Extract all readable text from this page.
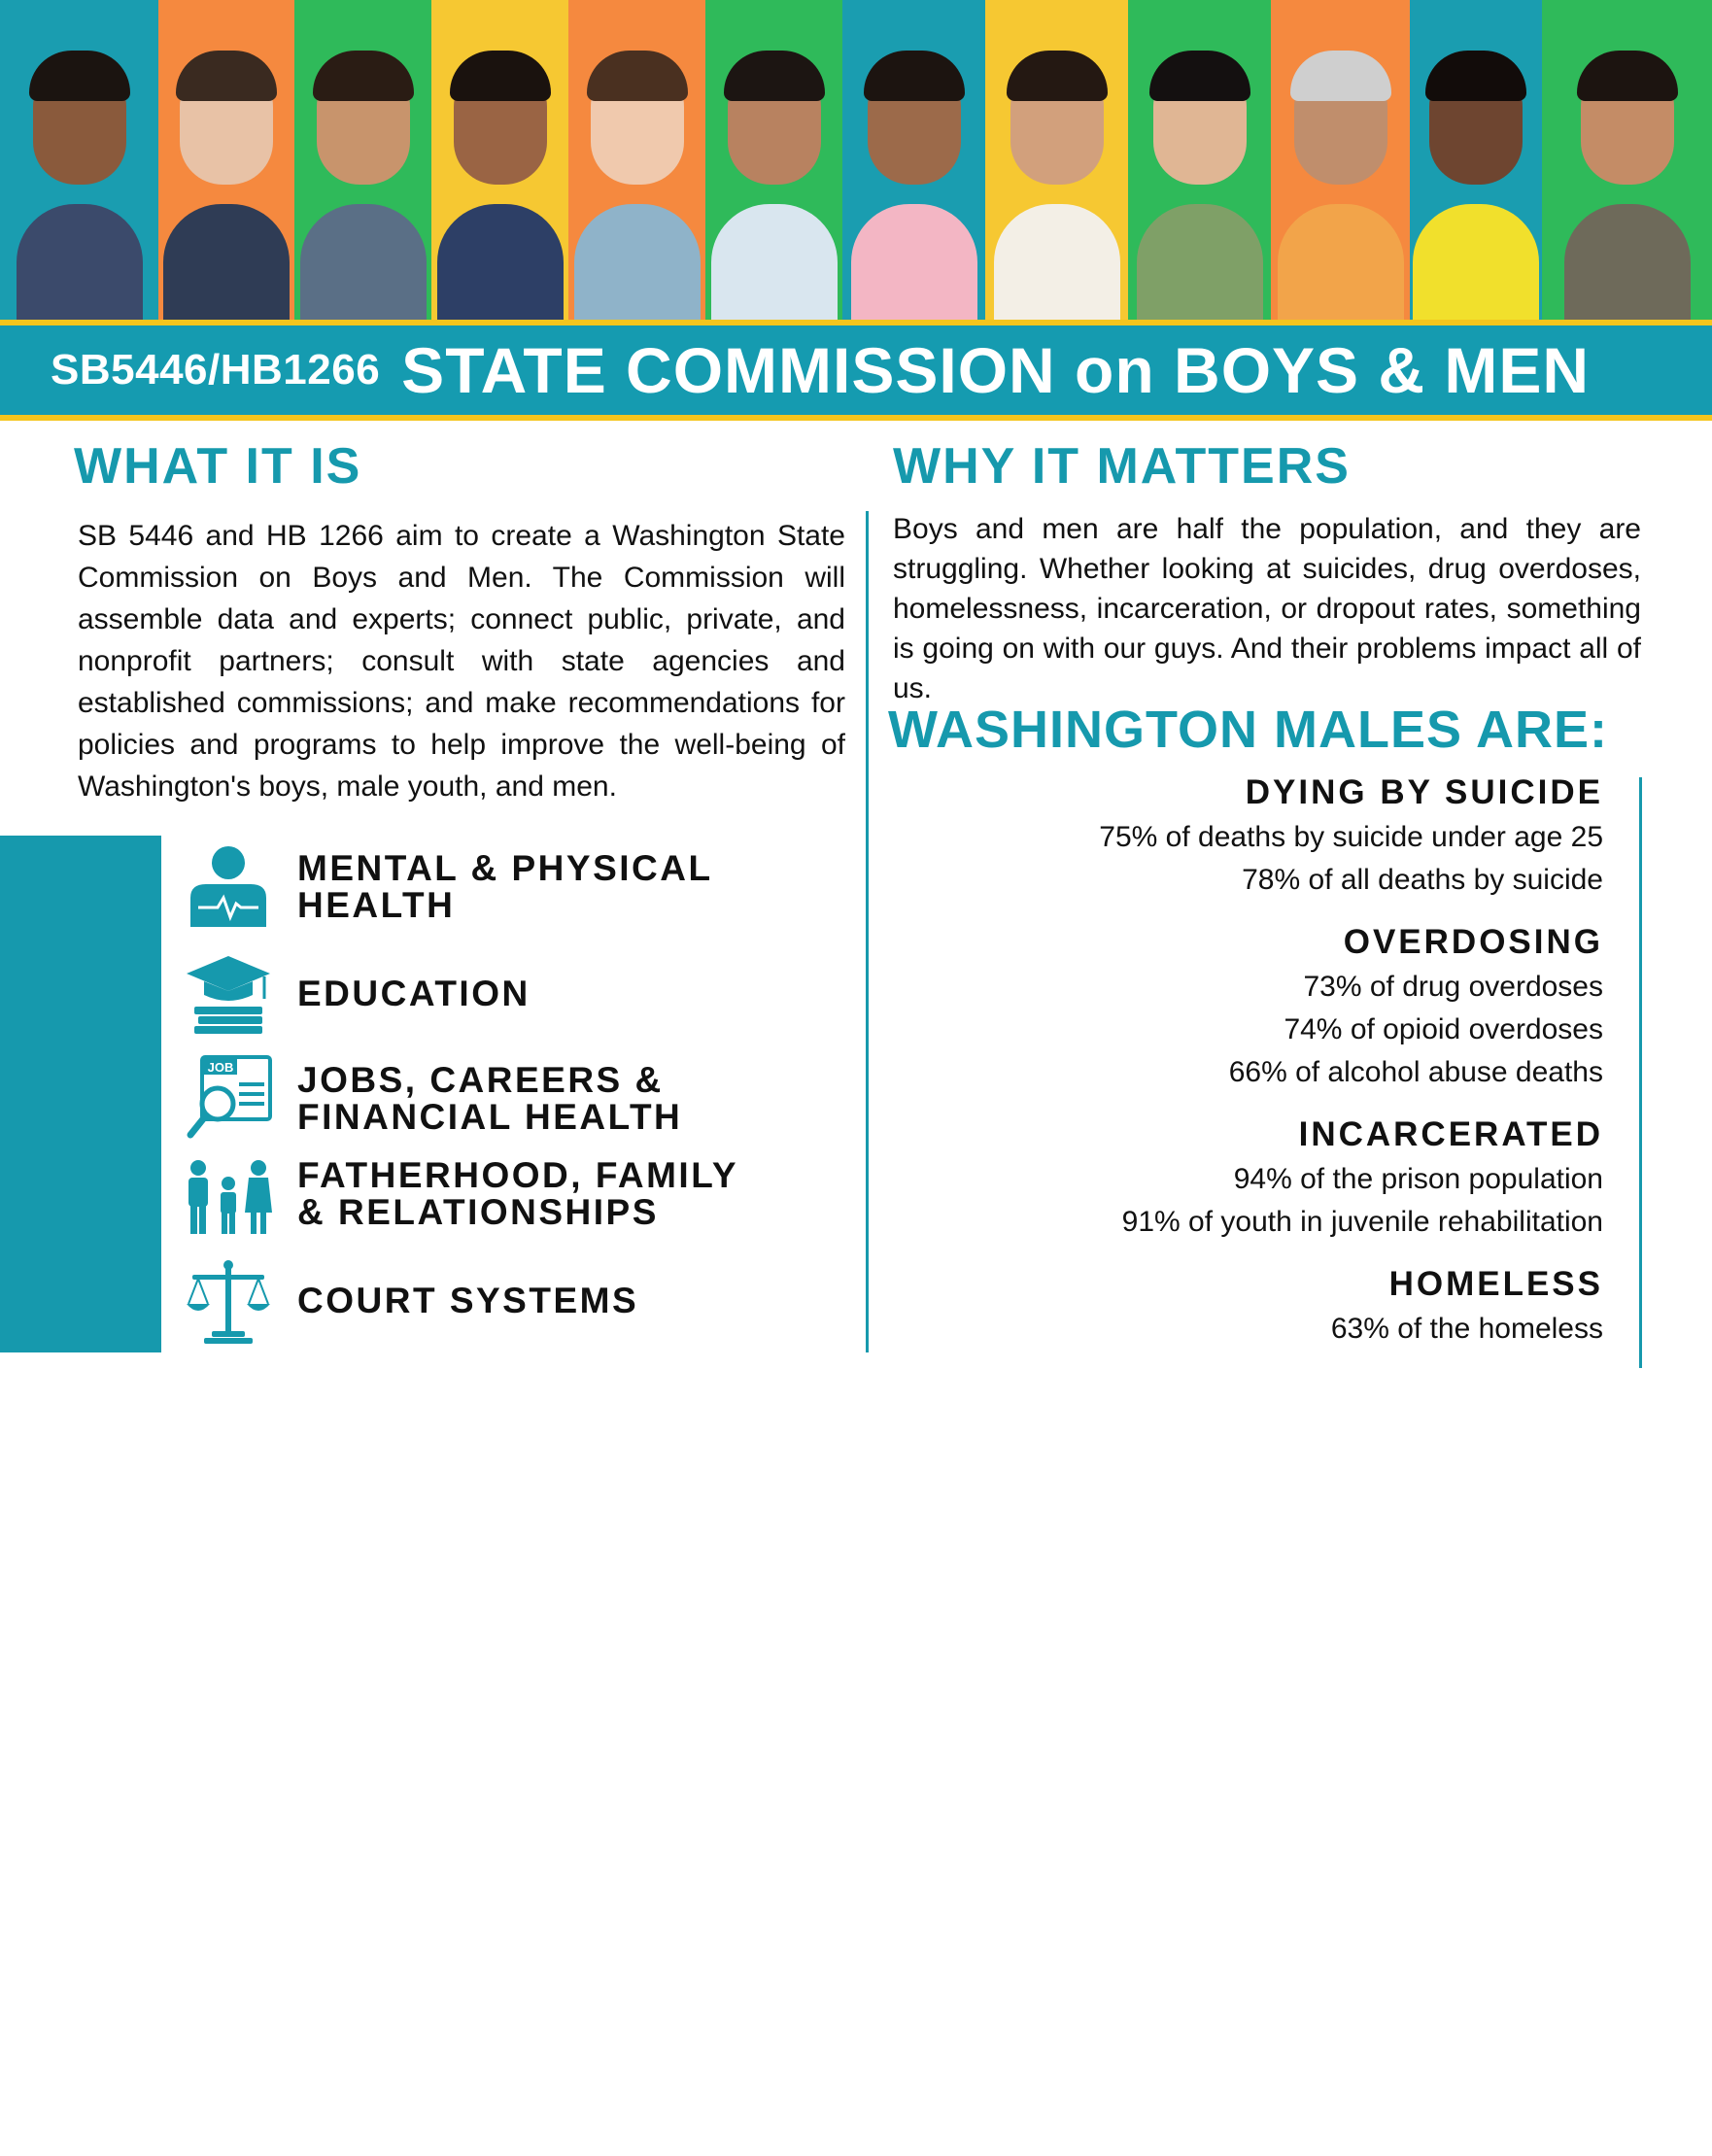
SB5446/HB1266 STATE COMMISSION on BOYS & MEN
WHAT IT IS

SB 5446 and HB 1266 aim to create a Washington State Commission on Boys and Men. The Commission will assemble data and experts; connect public, private, and nonprofit partners; consult with state agencies and established commissions; and make recommendations for policies and programs to help improve the well-being of Washington's boys, male youth, and men.

WHY IT MATTERS

Boys and men are half the population, and they are struggling. Whether looking at suicides, drug overdoses, homelessness, incarceration, or dropout rates, something is going on with our guys. And their problems impact all of us.

WASHINGTON MALES ARE:
5 FOCUS AREAS
MENTAL & PHYSICAL
HEALTH
EDUCATION
JOB JOBS, CAREERS &
FINANCIAL HEALTH
FATHERHOOD, FAMILY
& RELATIONSHIPS
COURT SYSTEMS
DYING BY SUICIDE
75% of deaths by suicide under age 25
78% of all deaths by suicide
OVERDOSING
73% of drug overdoses
74% of opioid overdoses
66% of alcohol abuse deaths
INCARCERATED
94% of the prison population
91% of youth in juvenile rehabilitation
HOMELESS
63% of the homeless
